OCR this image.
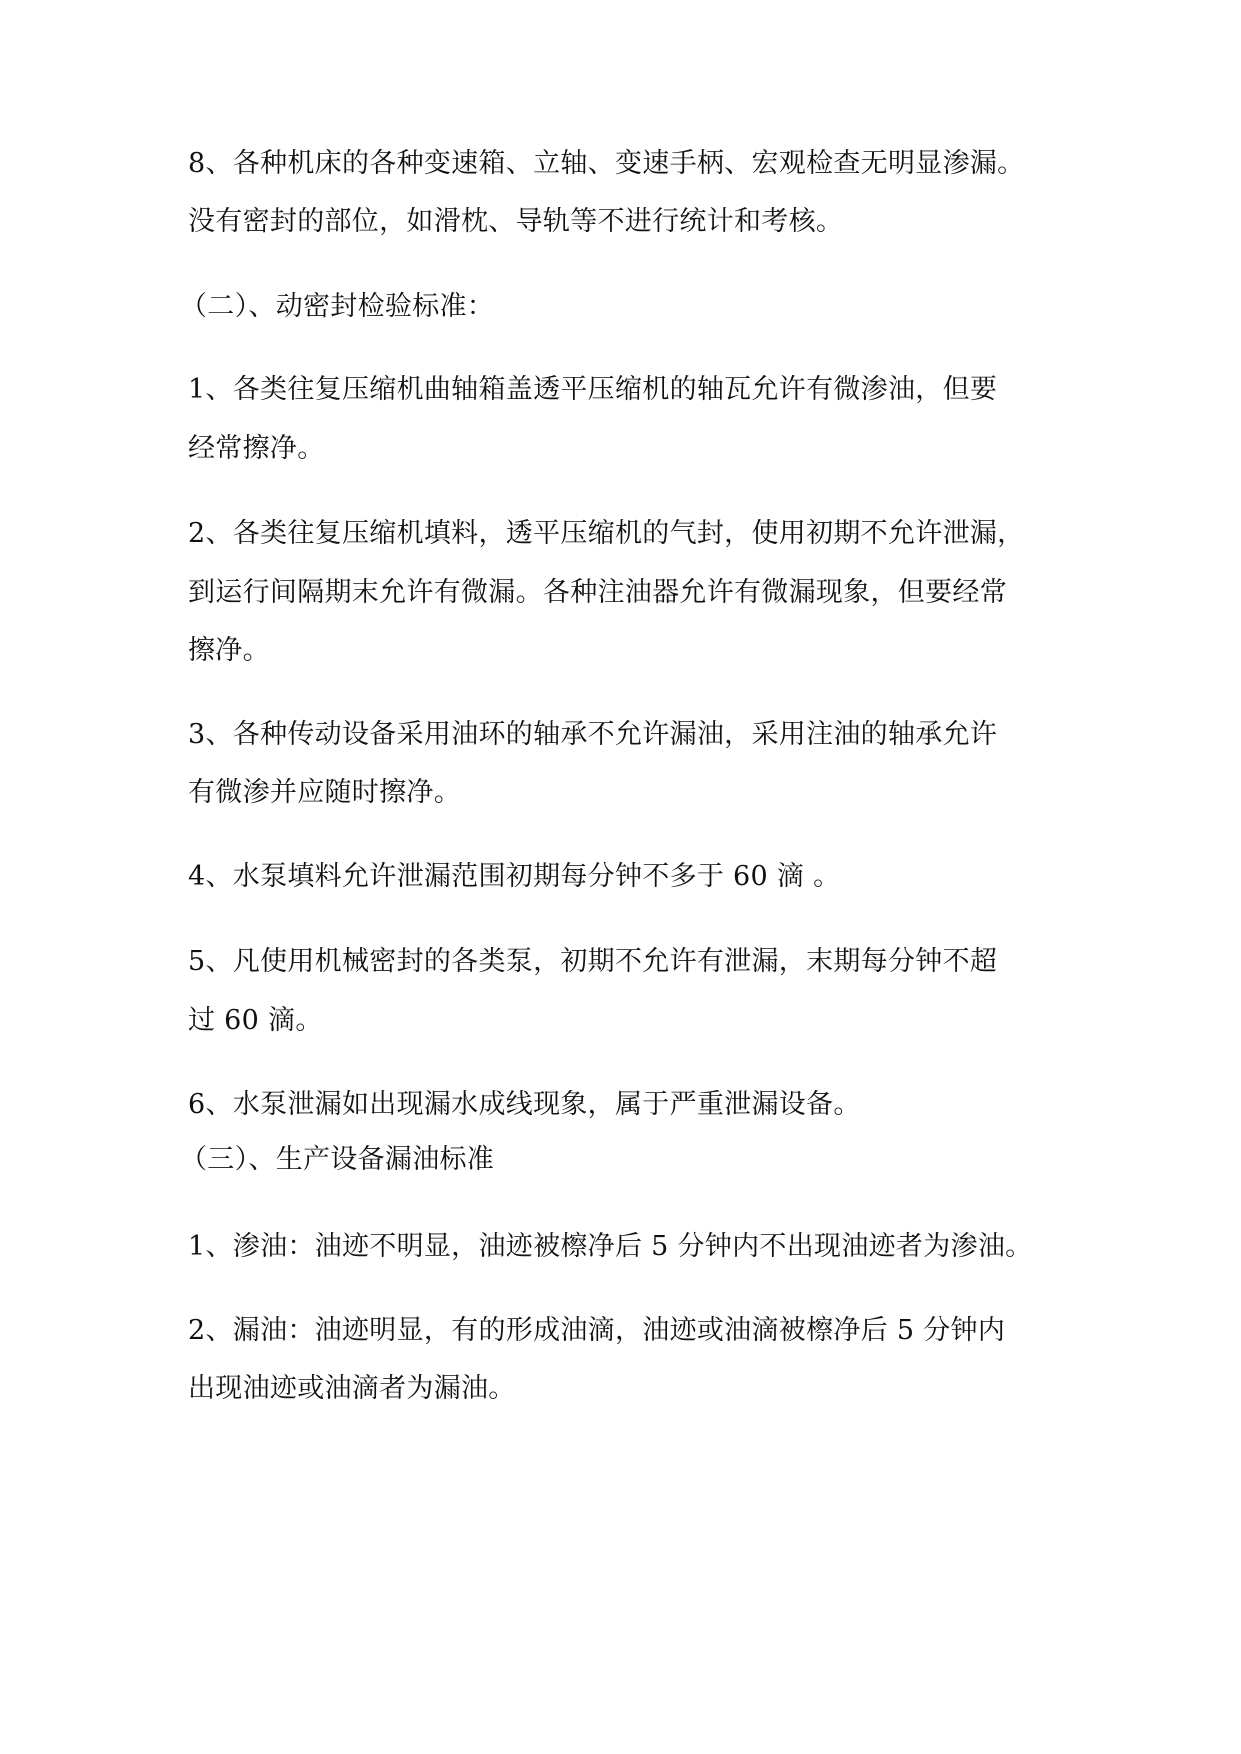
8、各种机床的各种变速箱、立轴、变速手柄、宏观检查无明显渗漏。
没有密封的部位，如滑枕、导轨等不进行统计和考核。
（二）、动密封检验标准：
1、各类往复压缩机曲轴箱盖透平压缩机的轴瓦允许有微渗油，但要
经常擦净。
2、各类往复压缩机填料，透平压缩机的气封，使用初期不允许泄漏，
到运行间隔期末允许有微漏。各种注油器允许有微漏现象，但要经常
擦净。
3、各种传动设备采用油环的轴承不允许漏油，采用注油的轴承允许
有微渗并应随时擦净。
4、水泵填料允许泄漏范围初期每分钟不多于 60 滴 。
5、凡使用机械密封的各类泵，初期不允许有泄漏，末期每分钟不超
过 60 滴。
6、水泵泄漏如出现漏水成线现象，属于严重泄漏设备。
（三）、生产设备漏油标准
1、渗油：油迹不明显，油迹被檫净后 5 分钟内不出现油迹者为渗油。
2、漏油：油迹明显，有的形成油滴，油迹或油滴被檫净后 5 分钟内
出现油迹或油滴者为漏油。
